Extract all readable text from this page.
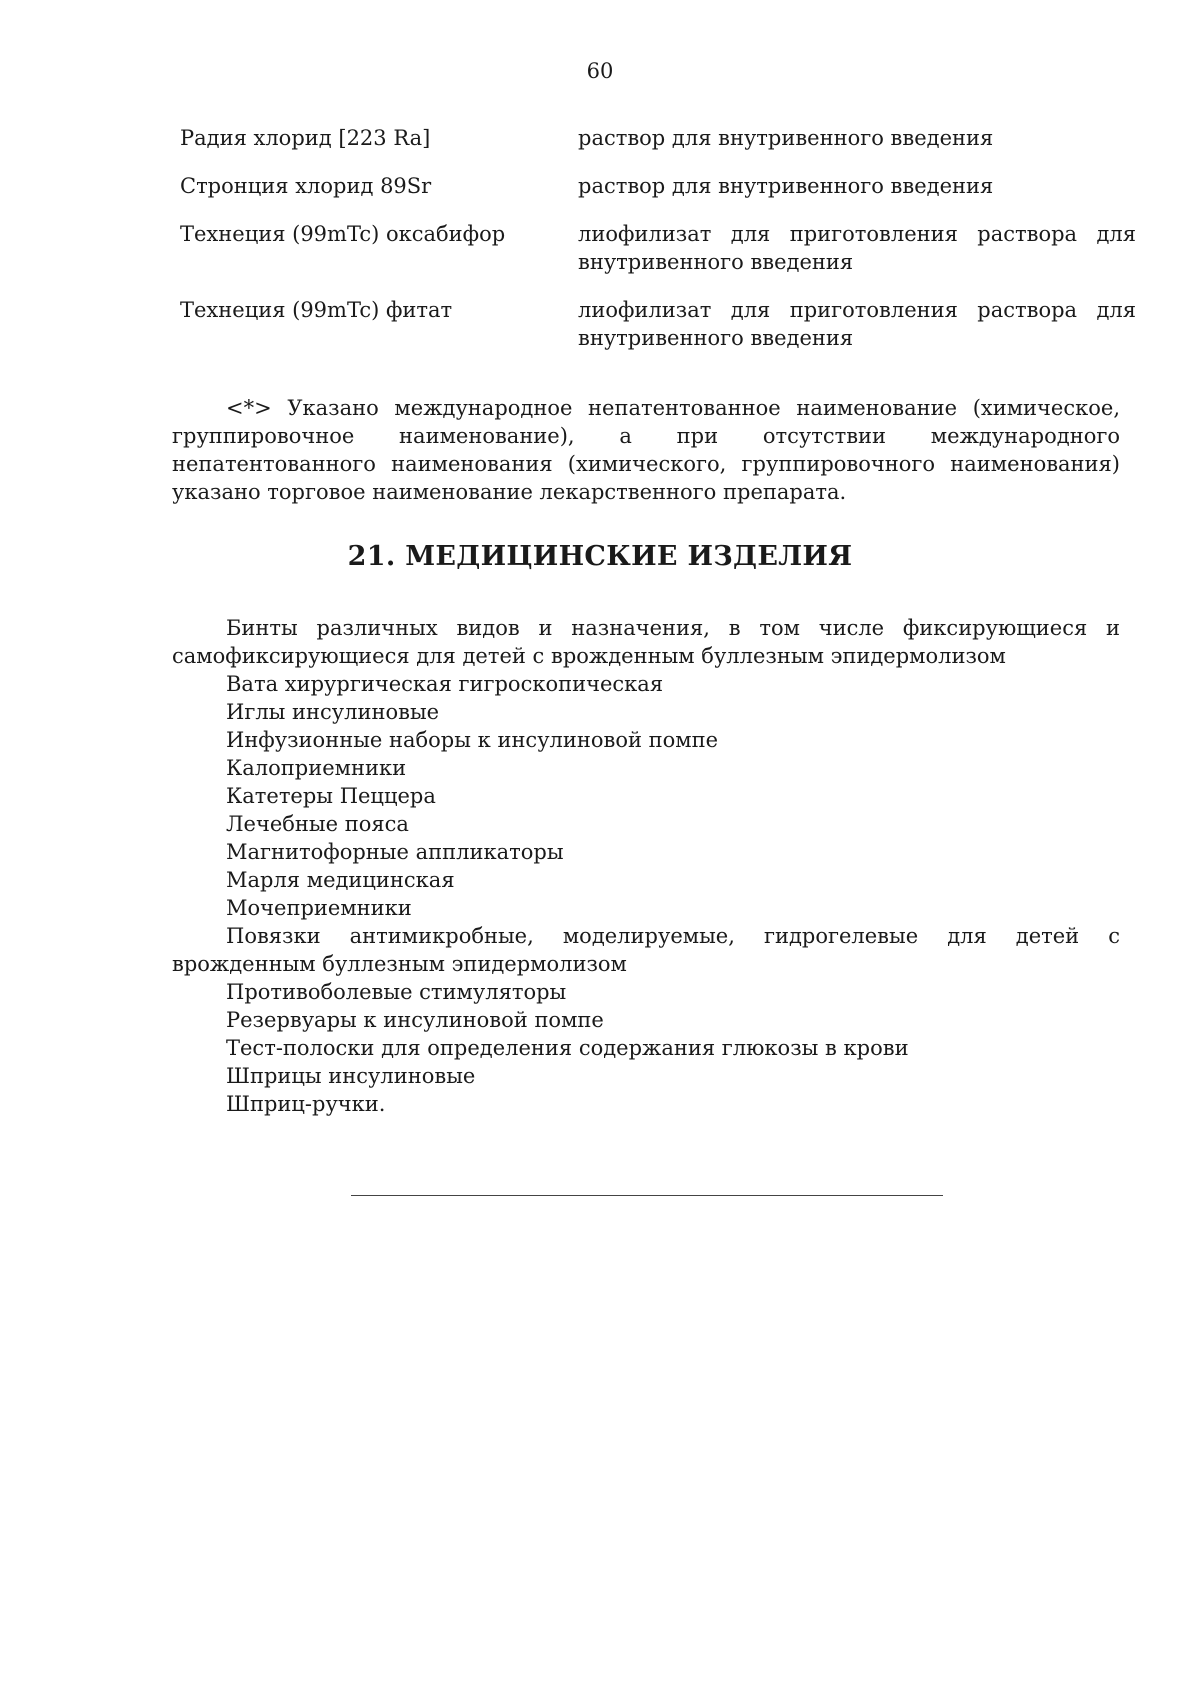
60
Радия хлорид [223 Ra]	раствор для внутривенного введения
Стронция хлорид 89Sr	раствор для внутривенного введения
Технеция (99mTc) оксабифор	лиофилизат для приготовления раствора для
внутривенного введения
Технеция (99mTc) фитат	лиофилизат для приготовления раствора для
внутривенного введения
<*> Указано международное непатентованное наименование (химическое, группировочное наименование), а при отсутствии международного непатентованного наименования (химического, группировочного наименования) указано торговое наименование лекарственного препарата.
21. МЕДИЦИНСКИЕ ИЗДЕЛИЯ
Бинты различных видов и назначения, в том числе фиксирующиеся и самофиксирующиеся для детей с врожденным буллезным эпидермолизом
Вата хирургическая гигроскопическая
Иглы инсулиновые
Инфузионные наборы к инсулиновой помпе
Калоприемники
Катетеры Пеццера
Лечебные пояса
Магнитофорные аппликаторы
Марля медицинская
Мочеприемники
Повязки антимикробные, моделируемые, гидрогелевые для детей с врожденным буллезным эпидермолизом
Противоболевые стимуляторы
Резервуары к инсулиновой помпе
Тест-полоски для определения содержания глюкозы в крови
Шприцы инсулиновые
Шприц-ручки.
